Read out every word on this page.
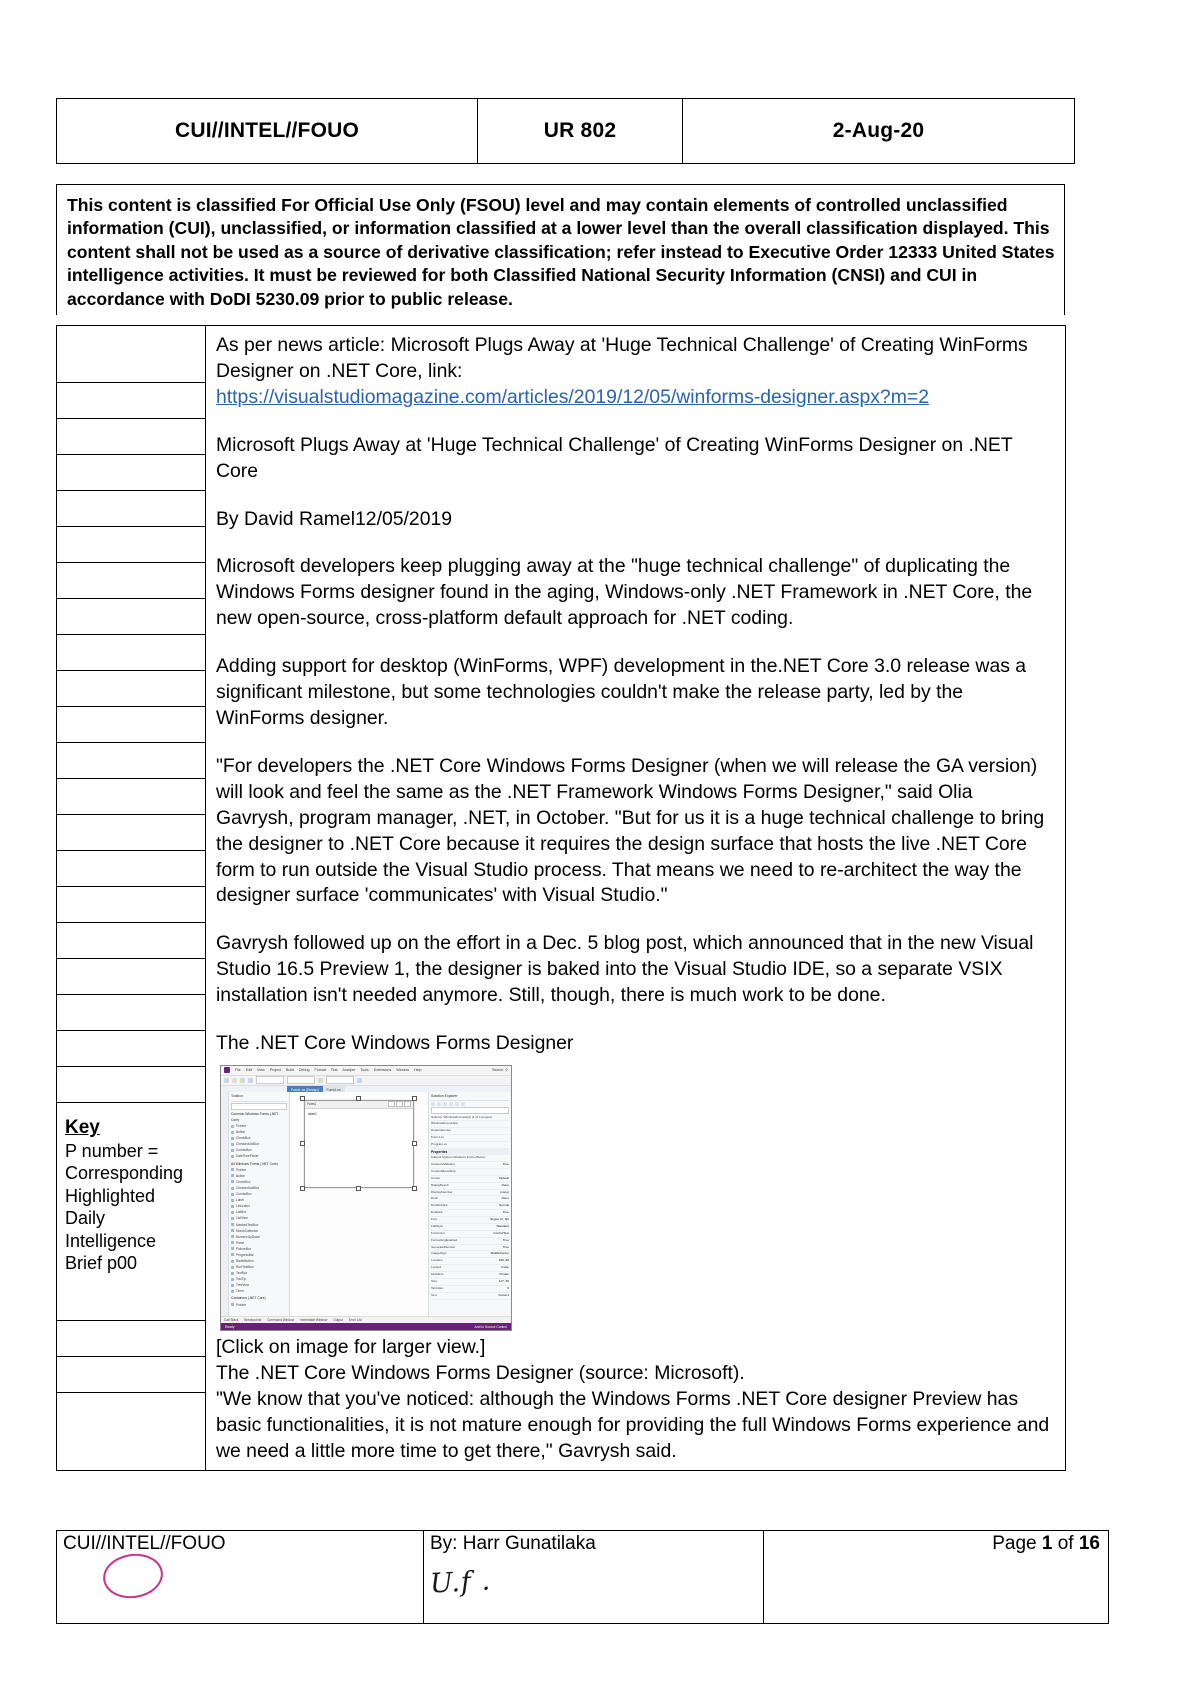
CUI//INTEL//FOUO	UR 802	2-Aug-20
This content is classified For Official Use Only (FSOU) level and may contain elements of controlled unclassified information (CUI), unclassified, or information classified at a lower level than the overall classification displayed. This content shall not be used as a source of derivative classification; refer instead to Executive Order 12333 United States intelligence activities. It must be reviewed for both Classified National Security Information (CNSI) and CUI in accordance with DoDI 5230.09 prior to public release.
Key
P number =
Corresponding
Highlighted
Daily
Intelligence
Brief p00

As per news article: Microsoft Plugs Away at 'Huge Technical Challenge' of Creating WinForms Designer on .NET Core, link:
https://visualstudiomagazine.com/articles/2019/12/05/winforms-designer.aspx?m=2

Microsoft Plugs Away at 'Huge Technical Challenge' of Creating WinForms Designer on .NET Core

By David Ramel12/05/2019

Microsoft developers keep plugging away at the "huge technical challenge" of duplicating the Windows Forms designer found in the aging, Windows-only .NET Framework in .NET Core, the new open-source, cross-platform default approach for .NET coding.

Adding support for desktop (WinForms, WPF) development in the.NET Core 3.0 release was a significant milestone, but some technologies couldn't make the release party, led by the WinForms designer.

"For developers the .NET Core Windows Forms Designer (when we will release the GA version) will look and feel the same as the .NET Framework Windows Forms Designer," said Olia Gavrysh, program manager, .NET, in October. "But for us it is a huge technical challenge to bring the designer to .NET Core because it requires the design surface that hosts the live .NET Core form to run outside the Visual Studio process. That means we need to re-architect the way the designer surface 'communicates' with Visual Studio."

Gavrysh followed up on the effort in a Dec. 5 blog post, which announced that in the new Visual Studio 16.5 Preview 1, the designer is baked into the Visual Studio IDE, so a separate VSIX installation isn't needed anymore. Still, though, there is much work to be done.

The .NET Core Windows Forms Designer

File Edit View Project Build Debug Format Test Analyze Tools Extensions Window Help	Search ⚲
Form1.cs [Design]	Form1.cs
Toolbox
Common Windows Forms (.NET Core)
Pointer
Button
CheckBox
CheckedListBox
ComboBox
DateTimePicker
All Windows Forms (.NET Core)
Pointer
Button
CheckBox
CheckedListBox
ComboBox
Label
LinkLabel
ListBox
ListView
MaskedTextBox
MonthCalendar
NumericUpDown
Panel
PictureBox
ProgressBar
RadioButton
RichTextBox
TextBox
ToolTip
TreeView
Timer
Containers (.NET Core)
Pointer
Form1
label1
Solution Explorer
Solution 'WindowsFormsApp' (1 of 1 project)
WindowsFormsApp
Dependencies
Form1.cs
Program.cs
Properties
button1 System.Windows.Forms.Button
CausesValidation	True
ContextMenuStrip
Cursor	Default
DialogResult	None
DisplayMember	(none)
Dock	None
DoubleClick	Normal
Enabled	True
Font	Segoe UI, 9pt
FlatStyle	Standard
ForeColor	ControlText
FormattingEnabled	True
GenerateMember	True
ImageAlign	MiddleCenter
Location	169, 98
Locked	False
Modifiers	Private
Size	117, 35
TabIndex	0
Text	button1
Call Stack Breakpoints Command Window Immediate Window Output Error List
Ready	Add to Source Control

[Click on image for larger view.]

The .NET Core Windows Forms Designer (source: Microsoft).

"We know that you've noticed: although the Windows Forms .NET Core designer Preview has basic functionalities, it is not mature enough for providing the full Windows Forms experience and we need a little more time to get there," Gavrysh said.

CUI//INTEL//FOUO	By: Harr Gunatilaka
U.f .	Page 1 of 16
